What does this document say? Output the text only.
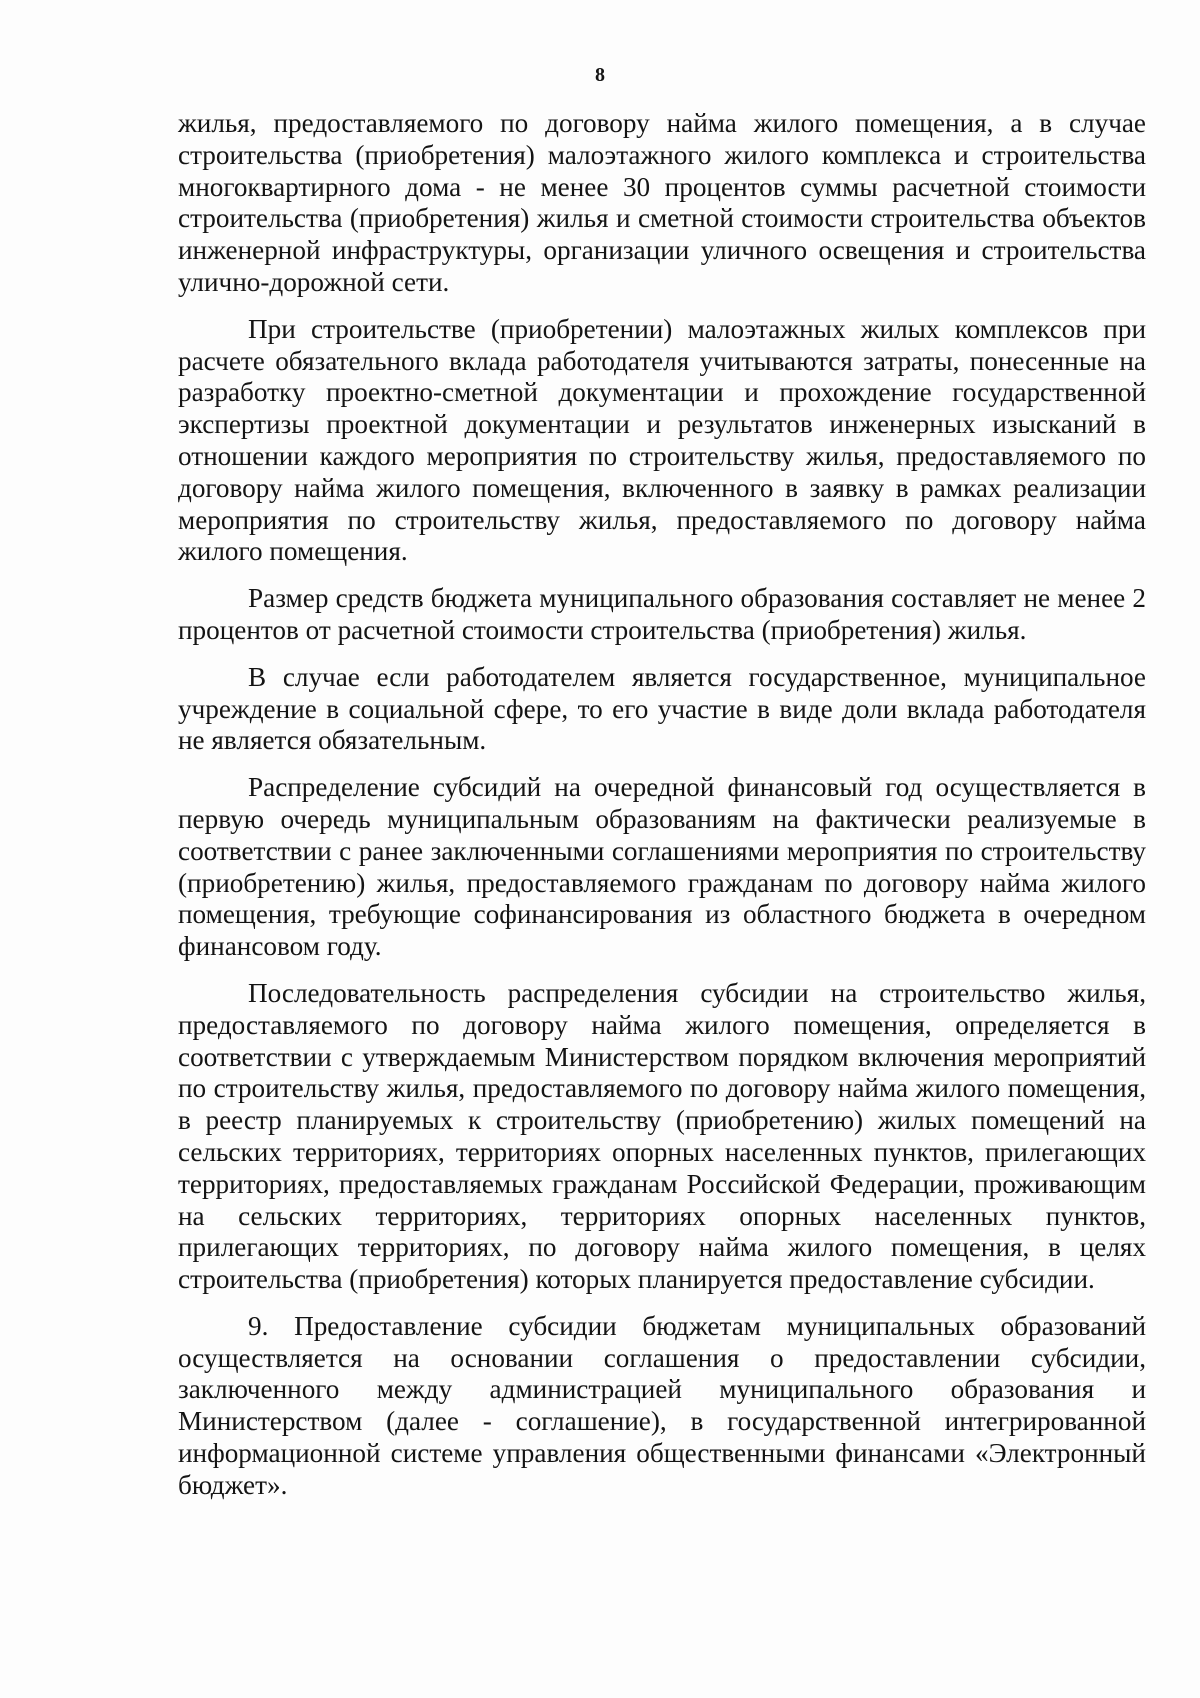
8

жилья, предоставляемого по договору найма жилого помещения, а в случае строительства (приобретения) малоэтажного жилого комплекса и строительства многоквартирного дома - не менее 30 процентов суммы расчетной стоимости строительства (приобретения) жилья и сметной стоимости строительства объектов инженерной инфраструктуры, организации уличного освещения и строительства улично-дорожной сети.

При строительстве (приобретении) малоэтажных жилых комплексов при расчете обязательного вклада работодателя учитываются затраты, понесенные на разработку проектно-сметной документации и прохождение государственной экспертизы проектной документации и результатов инженерных изысканий в отношении каждого мероприятия по строительству жилья, предоставляемого по договору найма жилого помещения, включенного в заявку в рамках реализации мероприятия по строительству жилья, предоставляемого по договору найма жилого помещения.

Размер средств бюджета муниципального образования составляет не менее 2 процентов от расчетной стоимости строительства (приобретения) жилья.

В случае если работодателем является государственное, муниципальное учреждение в социальной сфере, то его участие в виде доли вклада работодателя не является обязательным.

Распределение субсидий на очередной финансовый год осуществляется в первую очередь муниципальным образованиям на фактически реализуемые в соответствии с ранее заключенными соглашениями мероприятия по строительству (приобретению) жилья, предоставляемого гражданам по договору найма жилого помещения, требующие софинансирования из областного бюджета в очередном финансовом году.

Последовательность распределения субсидии на строительство жилья, предоставляемого по договору найма жилого помещения, определяется в соответствии с утверждаемым Министерством порядком включения мероприятий по строительству жилья, предоставляемого по договору найма жилого помещения, в реестр планируемых к строительству (приобретению) жилых помещений на сельских территориях, территориях опорных населенных пунктов, прилегающих территориях, предоставляемых гражданам Российской Федерации, проживающим на сельских территориях, территориях опорных населенных пунктов, прилегающих территориях, по договору найма жилого помещения, в целях строительства (приобретения) которых планируется предоставление субсидии.

9. Предоставление субсидии бюджетам муниципальных образований осуществляется на основании соглашения о предоставлении субсидии, заключенного между администрацией муниципального образования и Министерством (далее - соглашение), в государственной интегрированной информационной системе управления общественными финансами «Электронный бюджет».
